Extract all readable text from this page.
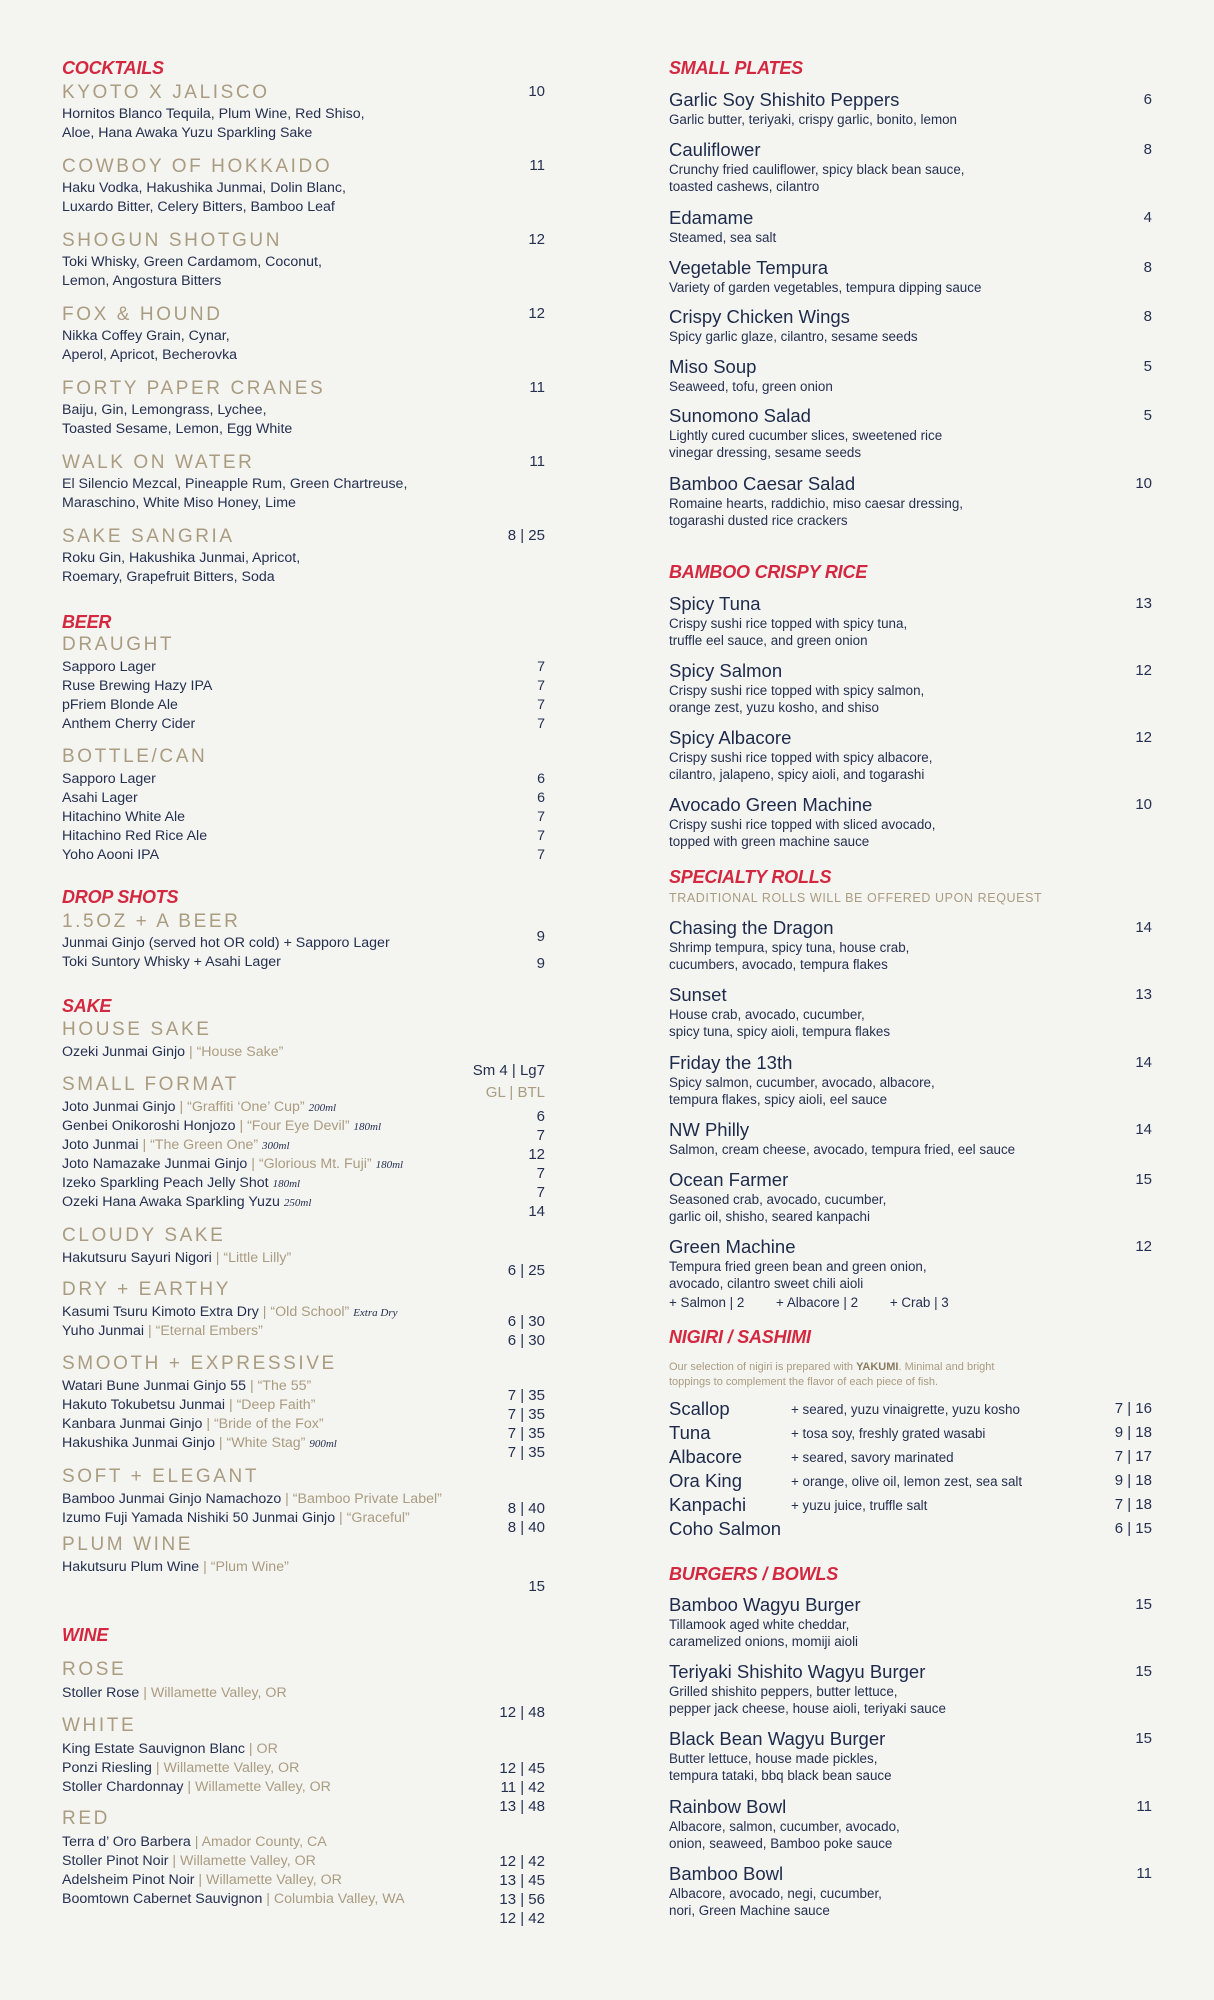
COCKTAILS
BEER
DRAUGHT
BOTTLE/CAN
DROP SHOTS
1.5OZ + A BEER
SAKE
HOUSE SAKE
Ozeki Junmai Ginjo | “House Sake”
Sm 4 | Lg7
SMALL FORMAT	GL | BTL
CLOUDY SAKE
DRY + EARTHY
SMOOTH + EXPRESSIVE
SOFT + ELEGANT
PLUM WINE
WINE
ROSE
WHITE
RED
KYOTO X JALISCO	10
Hornitos Blanco Tequila, Plum Wine, Red Shiso,
Aloe, Hana Awaka Yuzu Sparkling Sake
COWBOY OF HOKKAIDO	11
Haku Vodka, Hakushika Junmai, Dolin Blanc,
Luxardo Bitter, Celery Bitters, Bamboo Leaf
SHOGUN SHOTGUN	12
Toki Whisky, Green Cardamom, Coconut,
Lemon, Angostura Bitters
FOX & HOUND	12
Nikka Coffey Grain, Cynar,
Aperol, Apricot, Becherovka
FORTY PAPER CRANES	11
Baiju, Gin, Lemongrass, Lychee,
Toasted Sesame, Lemon, Egg White
WALK ON WATER	11
El Silencio Mezcal, Pineapple Rum, Green Chartreuse,
Maraschino, White Miso Honey, Lime
SAKE SANGRIA	8 | 25
Roku Gin, Hakushika Junmai, Apricot,
Roemary, Grapefruit Bitters, Soda
Sapporo Lager	7
Ruse Brewing Hazy IPA	7
pFriem Blonde Ale	7
Anthem Cherry Cider	7
Sapporo Lager	6
Asahi Lager	6
Hitachino White Ale	7
Hitachino Red Rice Ale	7
Yoho Aooni IPA	7
Junmai Ginjo (served hot OR cold) + Sapporo Lager	9
Toki Suntory Whisky + Asahi Lager	9
Joto Junmai Ginjo | “Graffiti ‘One’ Cup” 200ml	6
Genbei Onikoroshi Honjozo | “Four Eye Devil” 180ml	7
Joto Junmai | “The Green One” 300ml	12
Joto Namazake Junmai Ginjo | “Glorious Mt. Fuji” 180ml	7
Izeko Sparkling Peach Jelly Shot 180ml	7
Ozeki Hana Awaka Sparkling Yuzu 250ml	14
Hakutsuru Sayuri Nigori | “Little Lilly”
6 | 25
Kasumi Tsuru Kimoto Extra Dry | “Old School” Extra Dry	6 | 30
Yuho Junmai | “Eternal Embers”
6 | 30
Watari Bune Junmai Ginjo 55 | “The 55”
7 | 35
Hakuto Tokubetsu Junmai | “Deep Faith”
7 | 35
Kanbara Junmai Ginjo | “Bride of the Fox”
7 | 35
Hakushika Junmai Ginjo | “White Stag” 900ml	7 | 35
Bamboo Junmai Ginjo Namachozo | “Bamboo Private Label”
8 | 40
Izumo Fuji Yamada Nishiki 50 Junmai Ginjo | “Graceful”
8 | 40
Hakutsuru Plum Wine | “Plum Wine”
15
Stoller Rose | Willamette Valley, OR
12 | 48
King Estate Sauvignon Blanc | OR
12 | 45
Ponzi Riesling | Willamette Valley, OR
11 | 42
Stoller Chardonnay | Willamette Valley, OR
13 | 48
Terra d’ Oro Barbera | Amador County, CA
12 | 42
Stoller Pinot Noir | Willamette Valley, OR
13 | 45
Adelsheim Pinot Noir | Willamette Valley, OR
13 | 56
Boomtown Cabernet Sauvignon | Columbia Valley, WA
12 | 42
SMALL PLATES
BAMBOO CRISPY RICE
SPECIALTY ROLLS
TRADITIONAL ROLLS WILL BE OFFERED UPON REQUEST
+ Salmon | 2 + Albacore | 2 + Crab | 3
NIGIRI / SASHIMI
Our selection of nigiri is prepared with YAKUMI. Minimal and bright
toppings to complement the flavor of each piece of fish.
BURGERS / BOWLS
Garlic Soy Shishito Peppers	6
Garlic butter, teriyaki, crispy garlic, bonito, lemon
Cauliflower	8
Crunchy fried cauliflower, spicy black bean sauce,
toasted cashews, cilantro
Edamame	4
Steamed, sea salt
Vegetable Tempura	8
Variety of garden vegetables, tempura dipping sauce
Crispy Chicken Wings	8
Spicy garlic glaze, cilantro, sesame seeds
Miso Soup	5
Seaweed, tofu, green onion
Sunomono Salad	5
Lightly cured cucumber slices, sweetened rice
vinegar dressing, sesame seeds
Bamboo Caesar Salad	10
Romaine hearts, raddichio, miso caesar dressing,
togarashi dusted rice crackers
Spicy Tuna	13
Crispy sushi rice topped with spicy tuna,
truffle eel sauce, and green onion
Spicy Salmon	12
Crispy sushi rice topped with spicy salmon,
orange zest, yuzu kosho, and shiso
Spicy Albacore	12
Crispy sushi rice topped with spicy albacore,
cilantro, jalapeno, spicy aioli, and togarashi
Avocado Green Machine	10
Crispy sushi rice topped with sliced avocado,
topped with green machine sauce
Chasing the Dragon	14
Shrimp tempura, spicy tuna, house crab,
cucumbers, avocado, tempura flakes
Sunset	13
House crab, avocado, cucumber,
spicy tuna, spicy aioli, tempura flakes
Friday the 13th	14
Spicy salmon, cucumber, avocado, albacore,
tempura flakes, spicy aioli, eel sauce
NW Philly	14
Salmon, cream cheese, avocado, tempura fried, eel sauce
Ocean Farmer	15
Seasoned crab, avocado, cucumber,
garlic oil, shisho, seared kanpachi
Green Machine	12
Tempura fried green bean and green onion,
avocado, cilantro sweet chili aioli
Bamboo Wagyu Burger	15
Tillamook aged white cheddar,
caramelized onions, momiji aioli
Teriyaki Shishito Wagyu Burger	15
Grilled shishito peppers, butter lettuce,
pepper jack cheese, house aioli, teriyaki sauce
Black Bean Wagyu Burger	15
Butter lettuce, house made pickles,
tempura tataki, bbq black bean sauce
Rainbow Bowl	11
Albacore, salmon, cucumber, avocado,
onion, seaweed, Bamboo poke sauce
Bamboo Bowl	11
Albacore, avocado, negi, cucumber,
nori, Green Machine sauce
Scallop	+ seared, yuzu vinaigrette, yuzu kosho	7 | 16
Tuna	+ tosa soy, freshly grated wasabi	9 | 18
Albacore	+ seared, savory marinated	7 | 17
Ora King	+ orange, olive oil, lemon zest, sea salt	9 | 18
Kanpachi	+ yuzu juice, truffle salt	7 | 18
Coho Salmon	6 | 15
